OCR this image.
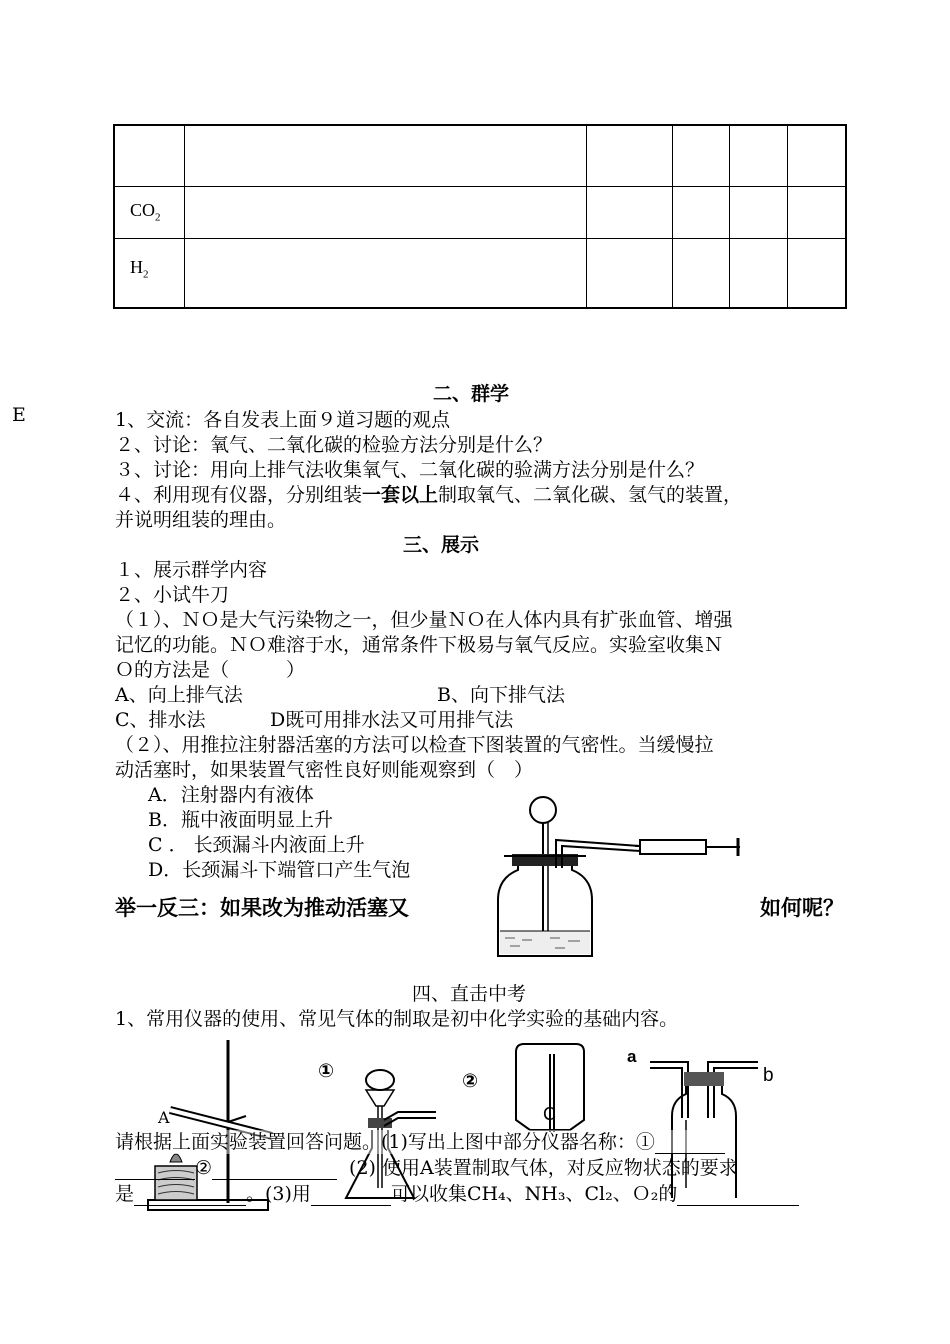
$CO_2$					
$H_2$					
E
二、群学
1、交流：各自发表上面９道习题的观点
２、讨论：氧气、二氧化碳的检验方法分别是什么？
３、讨论：用向上排气法收集氧气、二氧化碳的验满方法分别是什么？
４、利用现有仪器，分别组装一套以上制取氧气、二氧化碳、氢气的装置，
并说明组装的理由。
三、展示
１、展示群学内容
２、小试牛刀
（１）、ＮＯ是大气污染物之一，但少量ＮＯ在人体内具有扩张血管、增强
记忆的功能。ＮＯ难溶于水，通常条件下极易与氧气反应。实验室收集Ｎ
Ｏ的方法是（　　　）
A、向上排气法	B、向下排气法
C、排水法	D既可用排水法又可用排气法
（２）、用推拉注射器活塞的方法可以检查下图装置的气密性。当缓慢拉
动活塞时，如果装置气密性良好则能观察到（　）
A．注射器内有液体
B．瓶中液面明显上升
C ． 长颈漏斗内液面上升
D．长颈漏斗下端管口产生气泡
举一反三：如果改为推动活塞又	如何呢？
四、直击中考
1、常用仪器的使用、常见气体的制取是初中化学实验的基础内容。
A
①	②
C
a
b
请根据上面实验装置回答问题。(1)写出上图中部分仪器名称：①
②	(2) 使用A装置制取气体，对反应物状态的要求
是	。(3)用	可以收集CH₄、NH₃、Cl₂、Ｏ₂的
